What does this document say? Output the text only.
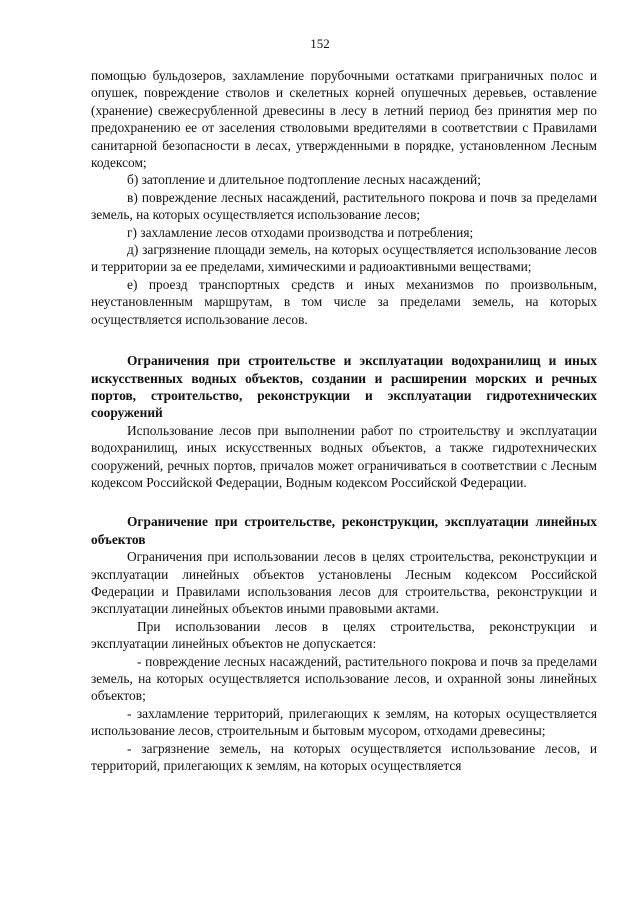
152

помощью бульдозеров, захламление порубочными остатками приграничных полос и опушек, повреждение стволов и скелетных корней опушечных деревьев, оставление (хранение) свежесрубленной древесины в лесу в летний период без принятия мер по предохранению ее от заселения стволовыми вредителями в соответствии с Правилами санитарной безопасности в лесах, утвержденными в порядке, установленном Лесным кодексом;

б) затопление и длительное подтопление лесных насаждений;

в) повреждение лесных насаждений, растительного покрова и почв за пределами земель, на которых осуществляется использование лесов;

г) захламление лесов отходами производства и потребления;

д) загрязнение площади земель, на которых осуществляется использование лесов и территории за ее пределами, химическими и радиоактивными веществами;

е) проезд транспортных средств и иных механизмов по произвольным, неустановленным маршрутам, в том числе за пределами земель, на которых осуществляется использование лесов.

Ограничения при строительстве и эксплуатации водохранилищ и иных искусственных водных объектов, создании и расширении морских и речных портов, строительство, реконструкции и эксплуатации гидротехнических сооружений

Использование лесов при выполнении работ по строительству и эксплуатации водохранилищ, иных искусственных водных объектов, а также гидротехнических сооружений, речных портов, причалов может ограничиваться в соответствии с Лесным кодексом Российской Федерации, Водным кодексом Российской Федерации.

Ограничение при строительстве, реконструкции, эксплуатации линейных объектов

Ограничения при использовании лесов в целях строительства, реконструкции и эксплуатации линейных объектов установлены Лесным кодексом Российской Федерации и Правилами использования лесов для строительства, реконструкции и эксплуатации линейных объектов иными правовыми актами.

При использовании лесов в целях строительства, реконструкции и эксплуатации линейных объектов не допускается:

- повреждение лесных насаждений, растительного покрова и почв за пределами земель, на которых осуществляется использование лесов, и охранной зоны линейных объектов;

- захламление территорий, прилегающих к землям, на которых осуществляется использование лесов, строительным и бытовым мусором, отходами древесины;

- загрязнение земель, на которых осуществляется использование лесов, и территорий, прилегающих к землям, на которых осуществляется
